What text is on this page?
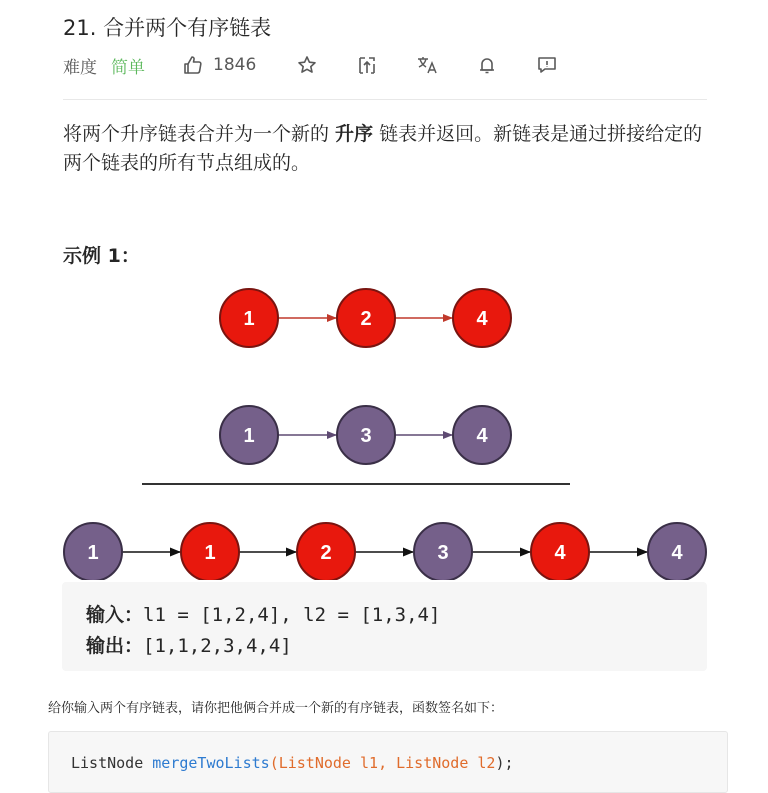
21. 合并两个有序链表
难度 简单	1846
将两个升序链表合并为一个新的 升序 链表并返回。新链表是通过拼接给定的两个链表的所有节点组成的。
示例 1：
1	2	4
1	3	4
1	1	2	3	4	4
输入：l1 = [1,2,4], l2 = [1,3,4]
输出：[1,1,2,3,4,4]
给你输入两个有序链表，请你把他俩合并成一个新的有序链表，函数签名如下：
ListNode mergeTwoLists(ListNode l1, ListNode l2);
